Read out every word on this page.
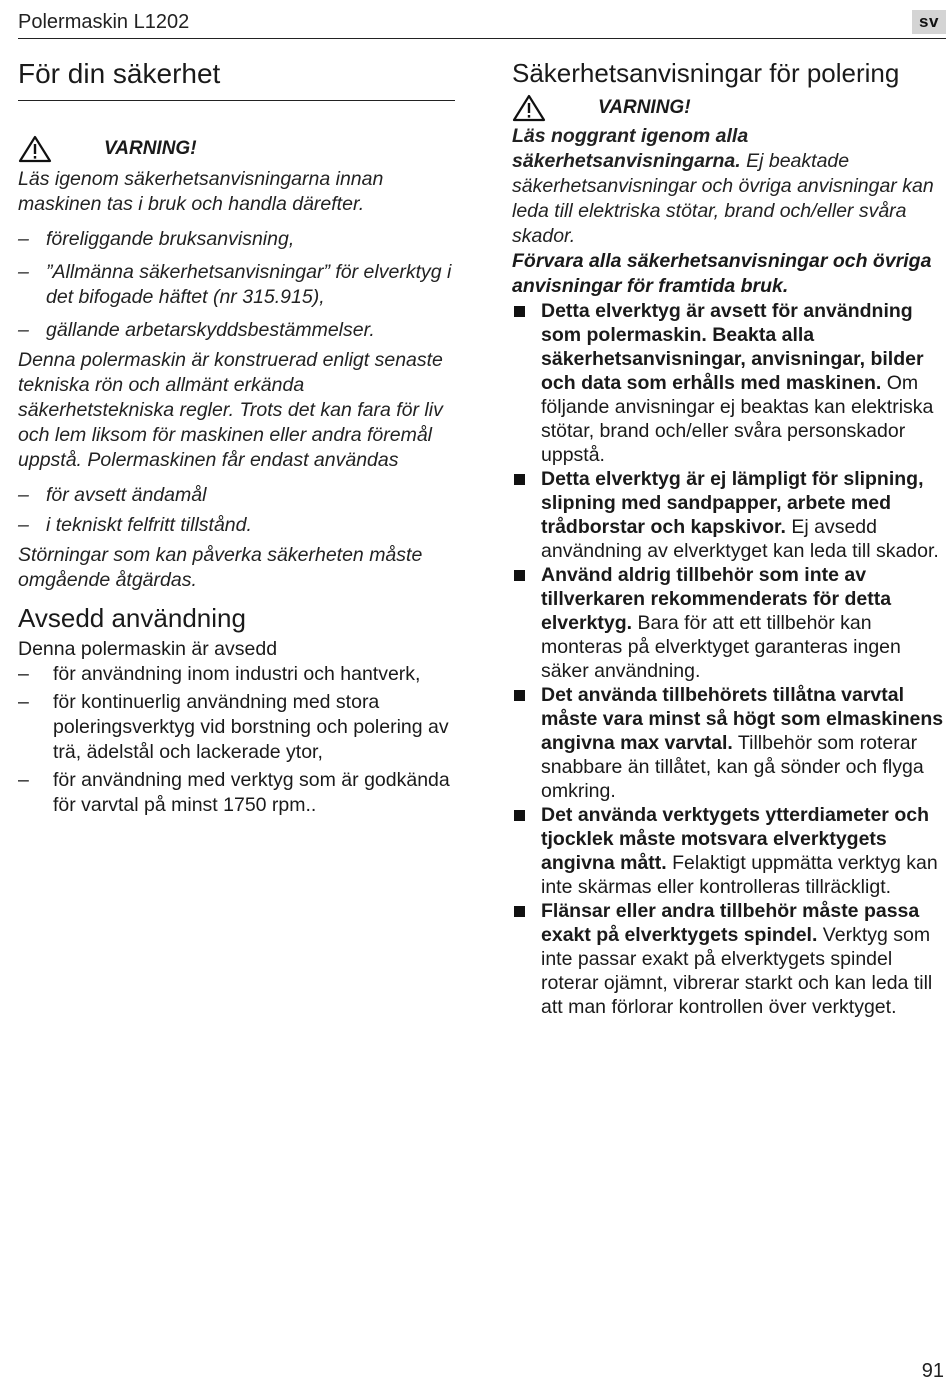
Polermaskin L1202	sv
För din säkerhet
VARNING!

Läs igenom säkerhetsanvisningarna innan maskinen tas i bruk och handla därefter.

– föreliggande bruksanvisning,
– ”Allmänna säkerhetsanvisningar” för elverktyg i det bifogade häftet (nr 315.915),
– gällande arbetarskyddsbestämmelser.

Denna polermaskin är konstruerad enligt senaste tekniska rön och allmänt erkända säkerhetstekniska regler. Trots det kan fara för liv och lem liksom för maskinen eller andra föremål uppstå. Polermaskinen får endast användas

– för avsett ändamål
– i tekniskt felfritt tillstånd.

Störningar som kan påverka säkerheten måste omgående åtgärdas.

Avsedd användning

Denna polermaskin är avsedd

– för användning inom industri och hantverk,
– för kontinuerlig användning med stora poleringsverktyg vid borstning och polering av trä, ädelstål och lackerade ytor,
– för användning med verktyg som är godkända för varvtal på minst 1750 rpm..
Säkerhetsanvisningar för polering
VARNING!

Läs noggrant igenom alla säkerhetsanvisningarna. Ej beaktade säkerhetsanvisningar och övriga anvisningar kan leda till elektriska stötar, brand och/eller svåra skador.

Förvara alla säkerhetsanvisningar och övriga anvisningar för framtida bruk.

Detta elverktyg är avsett för användning som polermaskin. Beakta alla säkerhetsanvisningar, anvisningar, bilder och data som erhålls med maskinen. Om följande anvisningar ej beaktas kan elektriska stötar, brand och/eller svåra personskador uppstå.
Detta elverktyg är ej lämpligt för slipning, slipning med sandpapper, arbete med trådborstar och kapskivor. Ej avsedd användning av elverktyget kan leda till skador.
Använd aldrig tillbehör som inte av tillverkaren rekommenderats för detta elverktyg. Bara för att ett tillbehör kan monteras på elverktyget garanteras ingen säker användning.
Det använda tillbehörets tillåtna varvtal måste vara minst så högt som elmaskinens angivna max varvtal. Tillbehör som roterar snabbare än tillåtet, kan gå sönder och flyga omkring.
Det använda verktygets ytterdiameter och tjocklek måste motsvara elverktygets angivna mått. Felaktigt uppmätta verktyg kan inte skärmas eller kontrolleras tillräckligt.
Flänsar eller andra tillbehör måste passa exakt på elverktygets spindel. Verktyg som inte passar exakt på elverktygets spindel roterar ojämnt, vibrerar starkt och kan leda till att man förlorar kontrollen över verktyget.
91
